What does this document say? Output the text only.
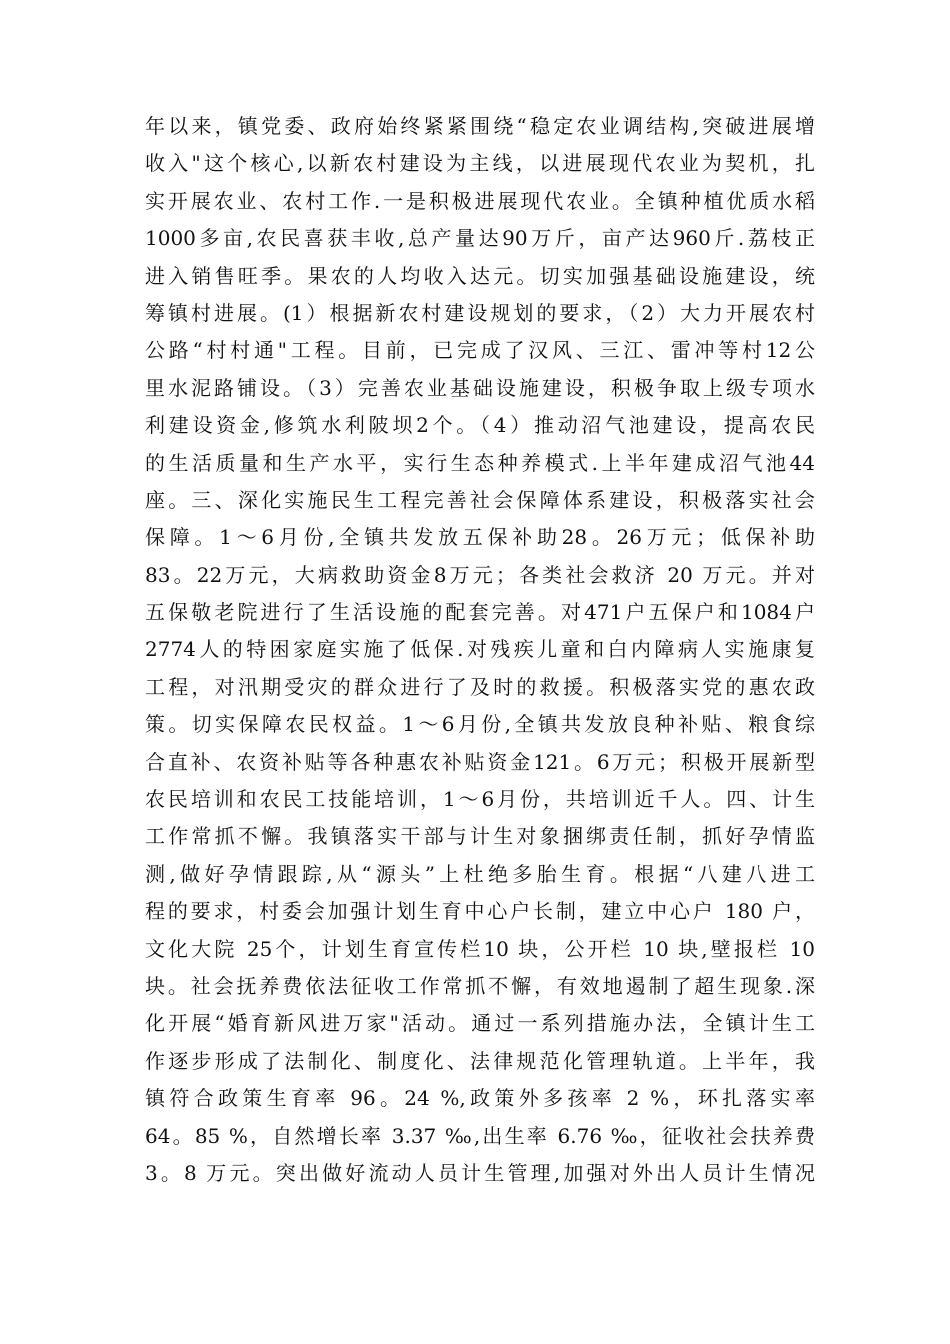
年以来，镇党委、政府始终紧紧围绕“稳定农业调结构,突破进展增
收入"这个核心,以新农村建设为主线，以进展现代农业为契机，扎
实开展农业、农村工作.一是积极进展现代农业。全镇种植优质水稻
1000多亩,农民喜获丰收,总产量达90万斤，亩产达960斤.荔枝正
进入销售旺季。果农的人均收入达元。切实加强基础设施建设，统
筹镇村进展。(1）根据新农村建设规划的要求，（2）大力开展农村
公路“村村通"工程。目前，已完成了汉风、三江、雷冲等村12公
里水泥路铺设。（3）完善农业基础设施建设，积极争取上级专项水
利建设资金,修筑水利陂坝2个。（4）推动沼气池建设，提高农民
的生活质量和生产水平，实行生态种养模式.上半年建成沼气池44
座。三、深化实施民生工程完善社会保障体系建设，积极落实社会
保障。1～6月份,全镇共发放五保补助28。26万元；低保补助
83。22万元，大病救助资金8万元；各类社会救济 20 万元。并对
五保敬老院进行了生活设施的配套完善。对471户五保户和1084户
2774人的特困家庭实施了低保.对残疾儿童和白内障病人实施康复
工程，对汛期受灾的群众进行了及时的救援。积极落实党的惠农政
策。切实保障农民权益。1～6月份,全镇共发放良种补贴、粮食综
合直补、农资补贴等各种惠农补贴资金121。6万元；积极开展新型
农民培训和农民工技能培训，1～6月份，共培训近千人。四、计生
工作常抓不懈。我镇落实干部与计生对象捆绑责任制，抓好孕情监
测,做好孕情跟踪,从“源头”上杜绝多胎生育。根据“八建八进工
程的要求，村委会加强计划生育中心户长制，建立中心户 180 户，
文化大院 25个，计划生育宣传栏10 块，公开栏 10 块,壁报栏 10
块。社会抚养费依法征收工作常抓不懈，有效地遏制了超生现象.深
化开展“婚育新风进万家"活动。通过一系列措施办法，全镇计生工
作逐步形成了法制化、制度化、法律规范化管理轨道。上半年，我
镇符合政策生育率 96。24 %,政策外多孩率 2 %，环扎落实率
64。85 %，自然增长率 3.37 ‰,出生率 6.76 ‰，征收社会扶养费
3。8 万元。突出做好流动人员计生管理,加强对外出人员计生情况
